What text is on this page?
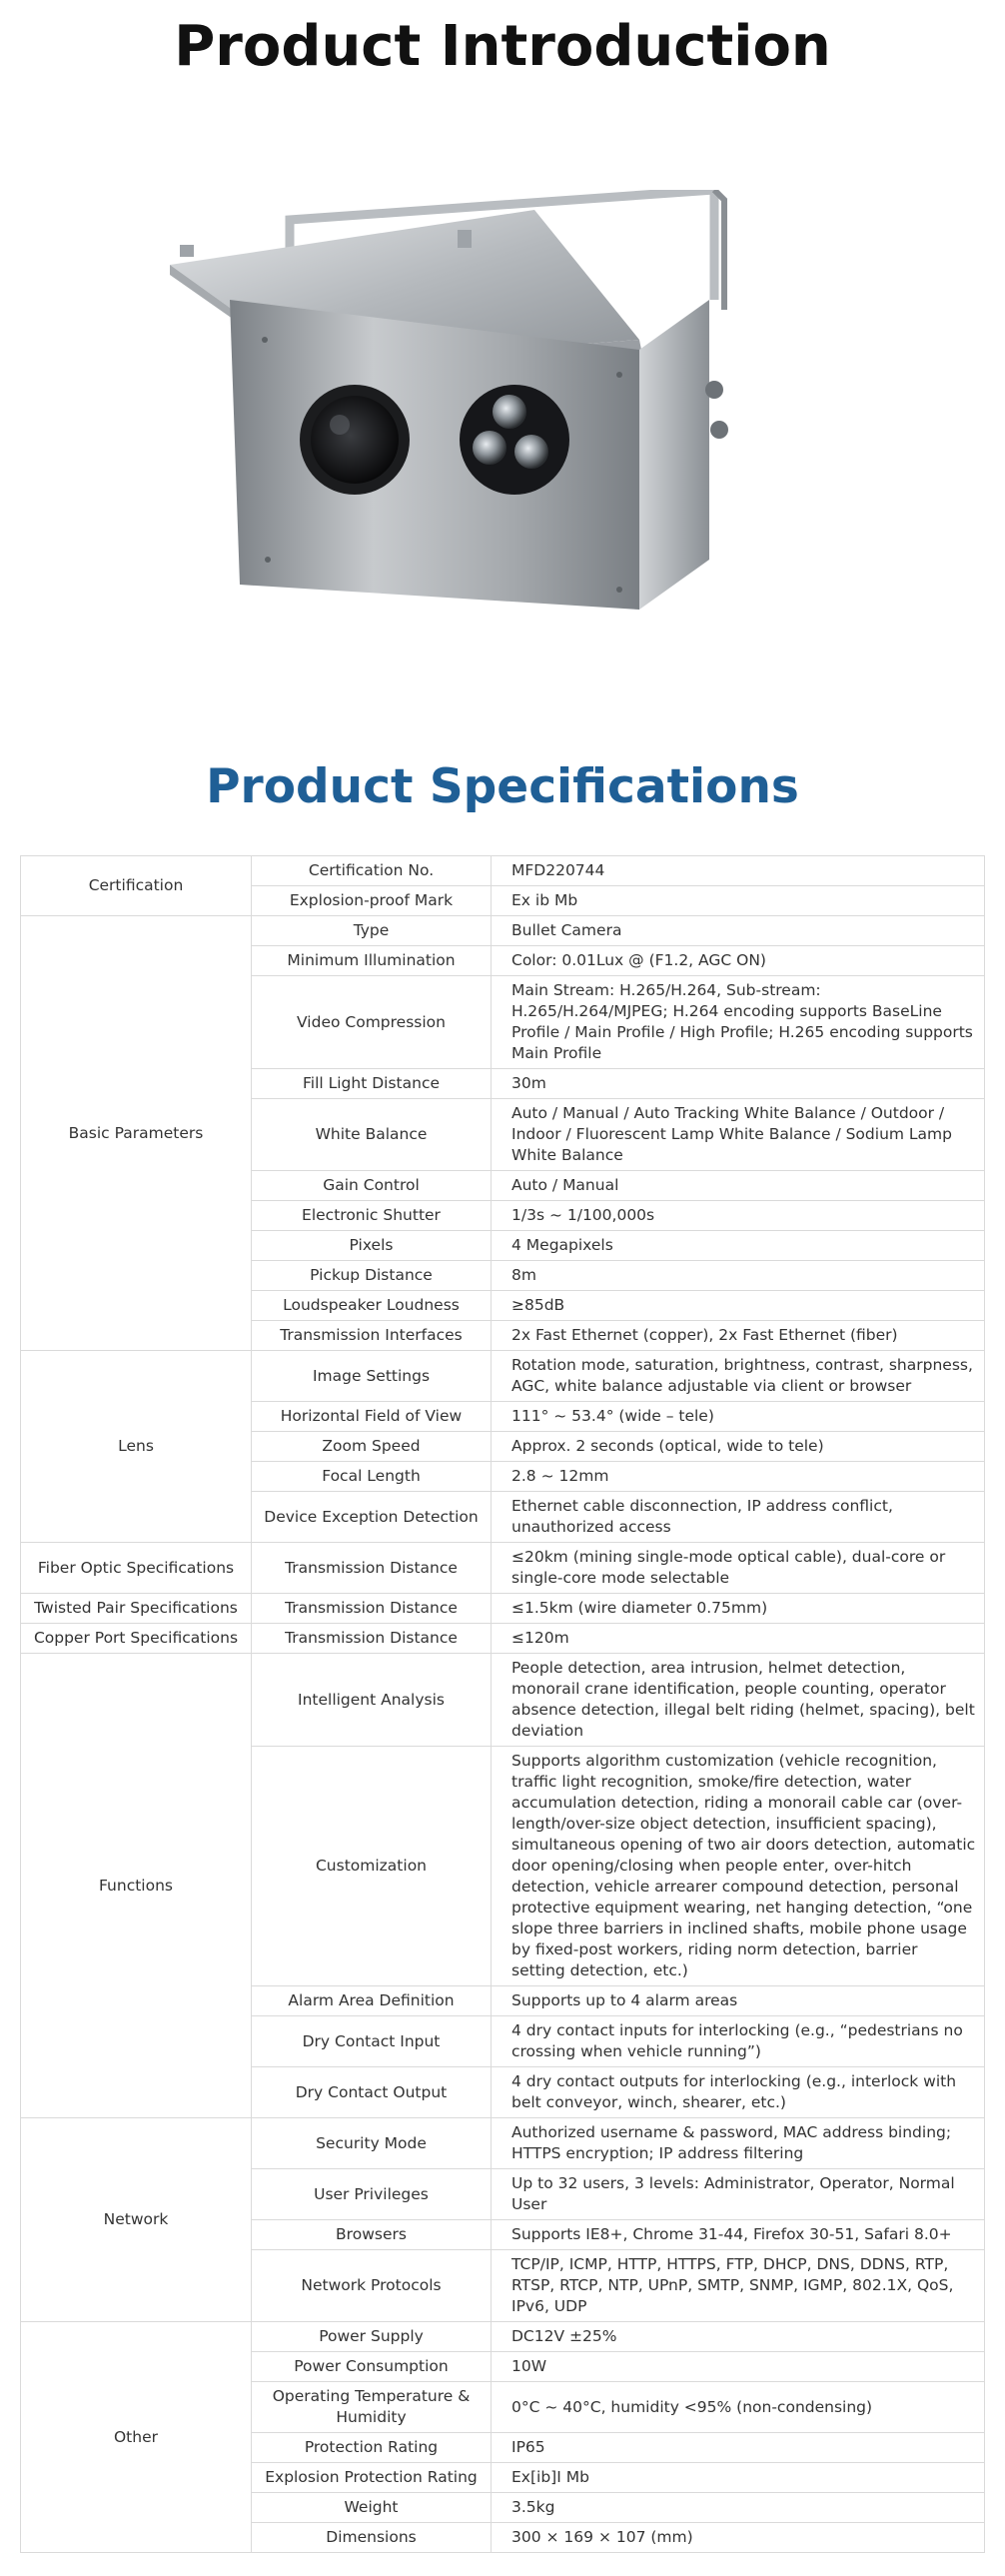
Product Introduction
Product Specifications
Certification	Certification No.	MFD220744
	Explosion-proof Mark	Ex ib Mb
Basic Parameters	Type	Bullet Camera
	Minimum Illumination	Color: 0.01Lux @ (F1.2, AGC ON)
	Video Compression	Main Stream: H.265/H.264, Sub-stream: H.265/H.264/MJPEG; H.264 encoding supports BaseLine Profile / Main Profile / High Profile; H.265 encoding supports Main Profile
	Fill Light Distance	30m
	White Balance	Auto / Manual / Auto Tracking White Balance / Outdoor / Indoor / Fluorescent Lamp White Balance / Sodium Lamp White Balance
	Gain Control	Auto / Manual
	Electronic Shutter	1/3s ~ 1/100,000s
	Pixels	4 Megapixels
	Pickup Distance	8m
	Loudspeaker Loudness	≥85dB
	Transmission Interfaces	2x Fast Ethernet (copper), 2x Fast Ethernet (fiber)
Lens	Image Settings	Rotation mode, saturation, brightness, contrast, sharpness, AGC, white balance adjustable via client or browser
	Horizontal Field of View	111° ~ 53.4° (wide – tele)
	Zoom Speed	Approx. 2 seconds (optical, wide to tele)
	Focal Length	2.8 ~ 12mm
	Device Exception Detection	Ethernet cable disconnection, IP address conflict, unauthorized access
Fiber Optic Specifications	Transmission Distance	≤20km (mining single-mode optical cable), dual-core or single-core mode selectable
Twisted Pair Specifications	Transmission Distance	≤1.5km (wire diameter 0.75mm)
Copper Port Specifications	Transmission Distance	≤120m
Functions	Intelligent Analysis	People detection, area intrusion, helmet detection, monorail crane identification, people counting, operator absence detection, illegal belt riding (helmet, spacing), belt deviation
	Customization	Supports algorithm customization (vehicle recognition, traffic light recognition, smoke/fire detection, water accumulation detection, riding a monorail cable car (over-length/over-size object detection, insufficient spacing), simultaneous opening of two air doors detection, automatic door opening/closing when people enter, over-hitch detection, vehicle arrearer compound detection, personal protective equipment wearing, net hanging detection, “one slope three barriers in inclined shafts, mobile phone usage by fixed-post workers, riding norm detection, barrier setting detection, etc.)
	Alarm Area Definition	Supports up to 4 alarm areas
	Dry Contact Input	4 dry contact inputs for interlocking (e.g., “pedestrians no crossing when vehicle running”)
	Dry Contact Output	4 dry contact outputs for interlocking (e.g., interlock with belt conveyor, winch, shearer, etc.)
Network	Security Mode	Authorized username & password, MAC address binding; HTTPS encryption; IP address filtering
	User Privileges	Up to 32 users, 3 levels: Administrator, Operator, Normal User
	Browsers	Supports IE8+, Chrome 31-44, Firefox 30-51, Safari 8.0+
	Network Protocols	TCP/IP, ICMP, HTTP, HTTPS, FTP, DHCP, DNS, DDNS, RTP, RTSP, RTCP, NTP, UPnP, SMTP, SNMP, IGMP, 802.1X, QoS, IPv6, UDP
Other	Power Supply	DC12V ±25%
	Power Consumption	10W
	Operating Temperature & Humidity	0°C ~ 40°C, humidity <95% (non-condensing)
	Protection Rating	IP65
	Explosion Protection Rating	Ex[ib]I Mb
	Weight	3.5kg
	Dimensions	300 × 169 × 107 (mm)
